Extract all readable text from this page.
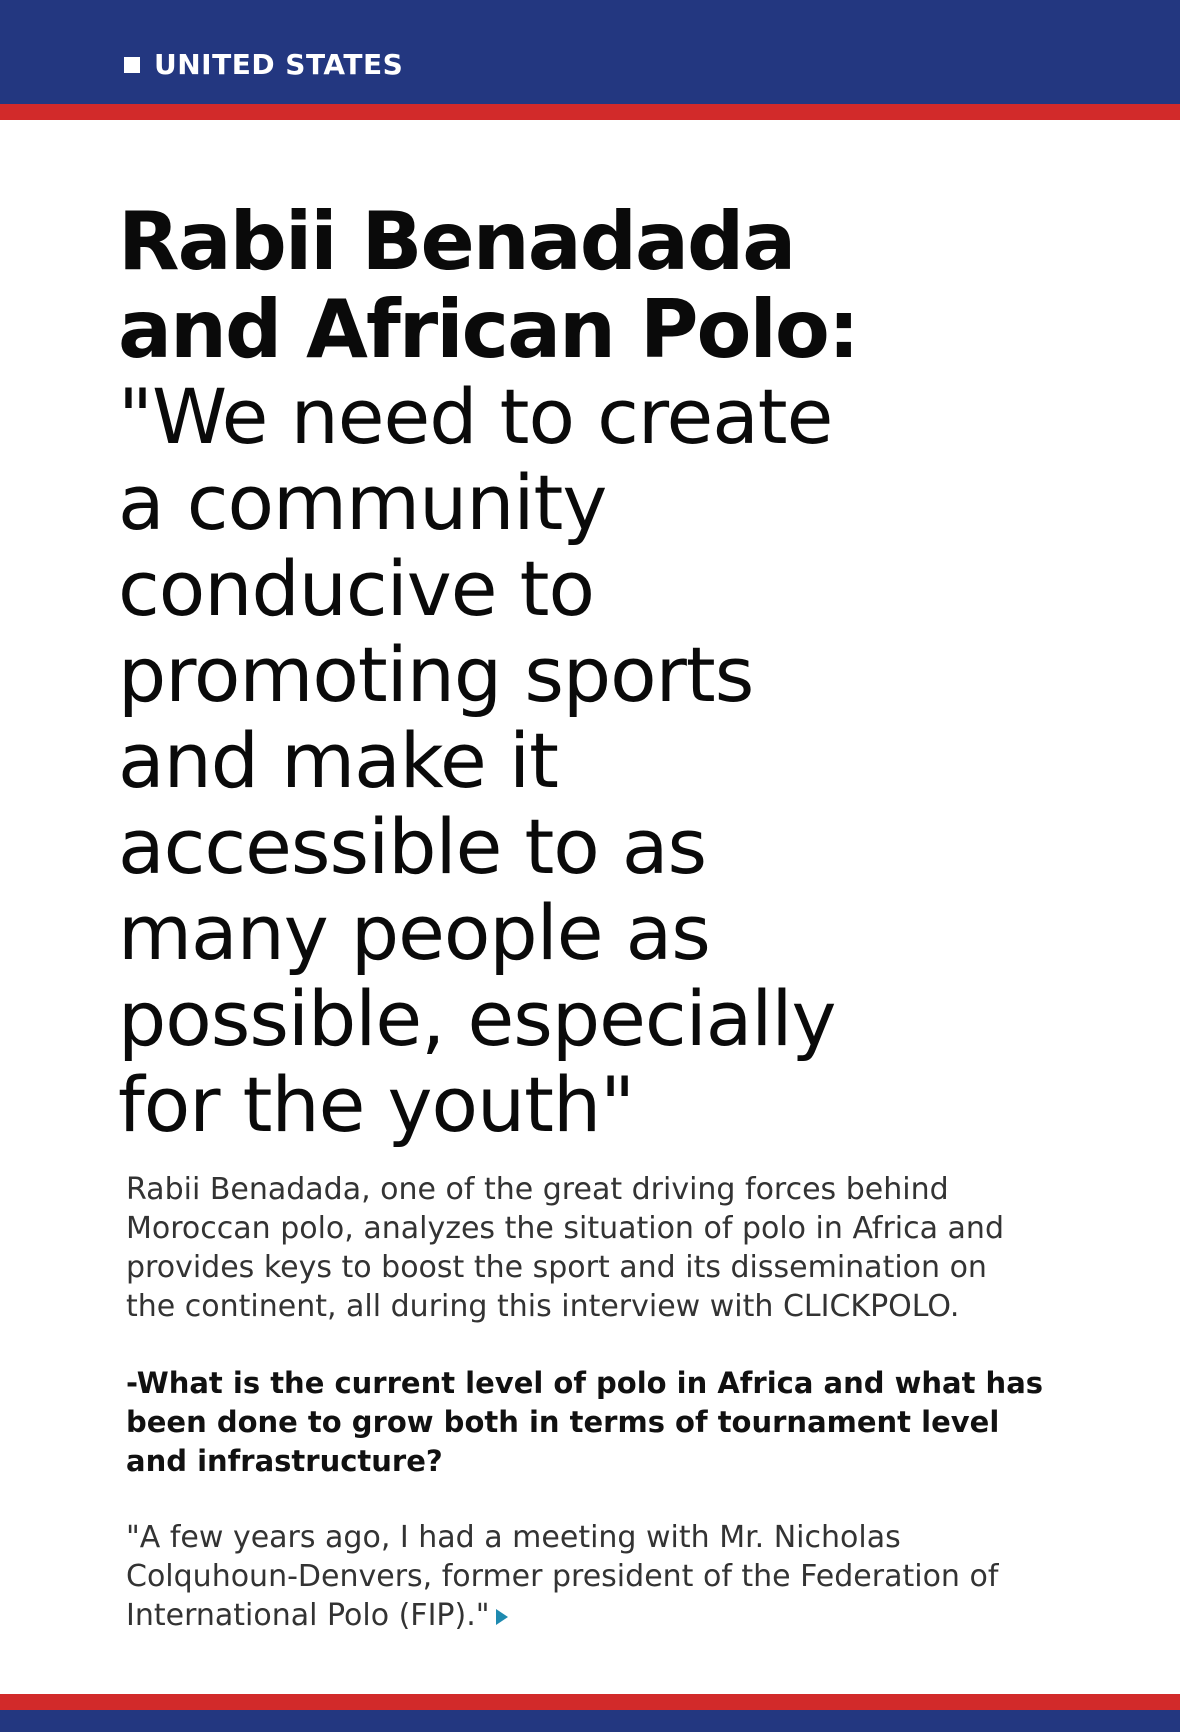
UNITED STATES

Rabii Benadada

and African Polo:

"We need to create

a community

conducive to

promoting sports

and make it

accessible to as

many people as

possible, especially

for the youth"

Rabii Benadada, one of the great driving forces behind
Moroccan polo, analyzes the situation of polo in Africa and
provides keys to boost the sport and its dissemination on
the continent, all during this interview with CLICKPOLO.

-What is the current level of polo in Africa and what has
been done to grow both in terms of tournament level
and infrastructure?

"A few years ago, I had a meeting with Mr. Nicholas
Colquhoun-Denvers, former president of the Federation of
International Polo (FIP)."
